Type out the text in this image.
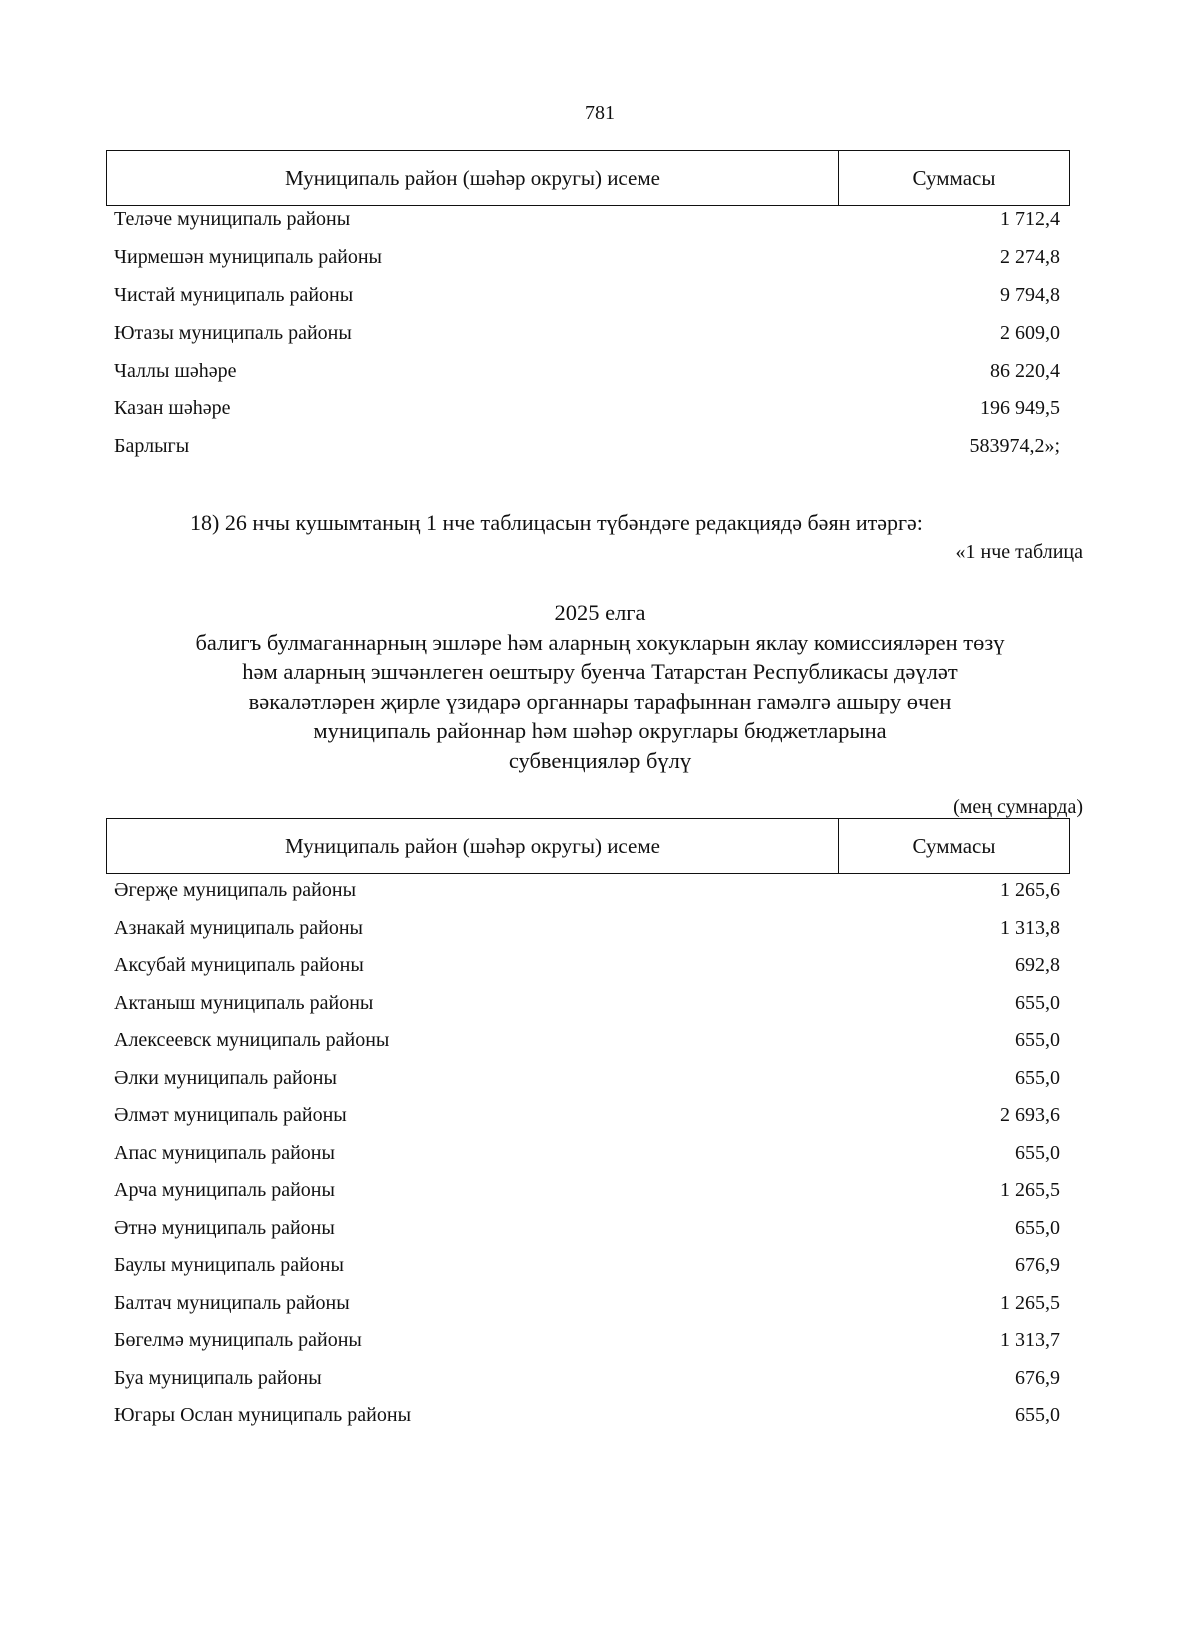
781
Муниципаль район (шәһәр округы) исеме	Суммасы
Теләче муниципаль районы	1 712,4
Чирмешән муниципаль районы	2 274,8
Чистай муниципаль районы	9 794,8
Ютазы муниципаль районы	2 609,0
Чаллы шәһәре	86 220,4
Казан шәһәре	196 949,5
Барлыгы	583974,2»;
18) 26 нчы кушымтаның 1 нче таблицасын түбәндәге редакциядә бәян итәргә:
«1 нче таблица
2025 елга
балигъ булмаганнарның эшләре һәм аларның хокукларын яклау комиссияләрен төзү
һәм аларның эшчәнлеген оештыру буенча Татарстан Республикасы дәүләт
вәкаләтләрен җирле үзидарә органнары тарафыннан гамәлгә ашыру өчен
муниципаль районнар һәм шәһәр округлары бюджетларына
субвенцияләр бүлү
(мең сумнарда)
Муниципаль район (шәһәр округы) исеме	Суммасы
Әгерҗе муниципаль районы	1 265,6
Азнакай муниципаль районы	1 313,8
Аксубай муниципаль районы	692,8
Актаныш муниципаль районы	655,0
Алексеевск муниципаль районы	655,0
Әлки муниципаль районы	655,0
Әлмәт муниципаль районы	2 693,6
Апас муниципаль районы	655,0
Арча муниципаль районы	1 265,5
Әтнә муниципаль районы	655,0
Баулы муниципаль районы	676,9
Балтач муниципаль районы	1 265,5
Бөгелмә муниципаль районы	1 313,7
Буа муниципаль районы	676,9
Югары Ослан муниципаль районы	655,0
